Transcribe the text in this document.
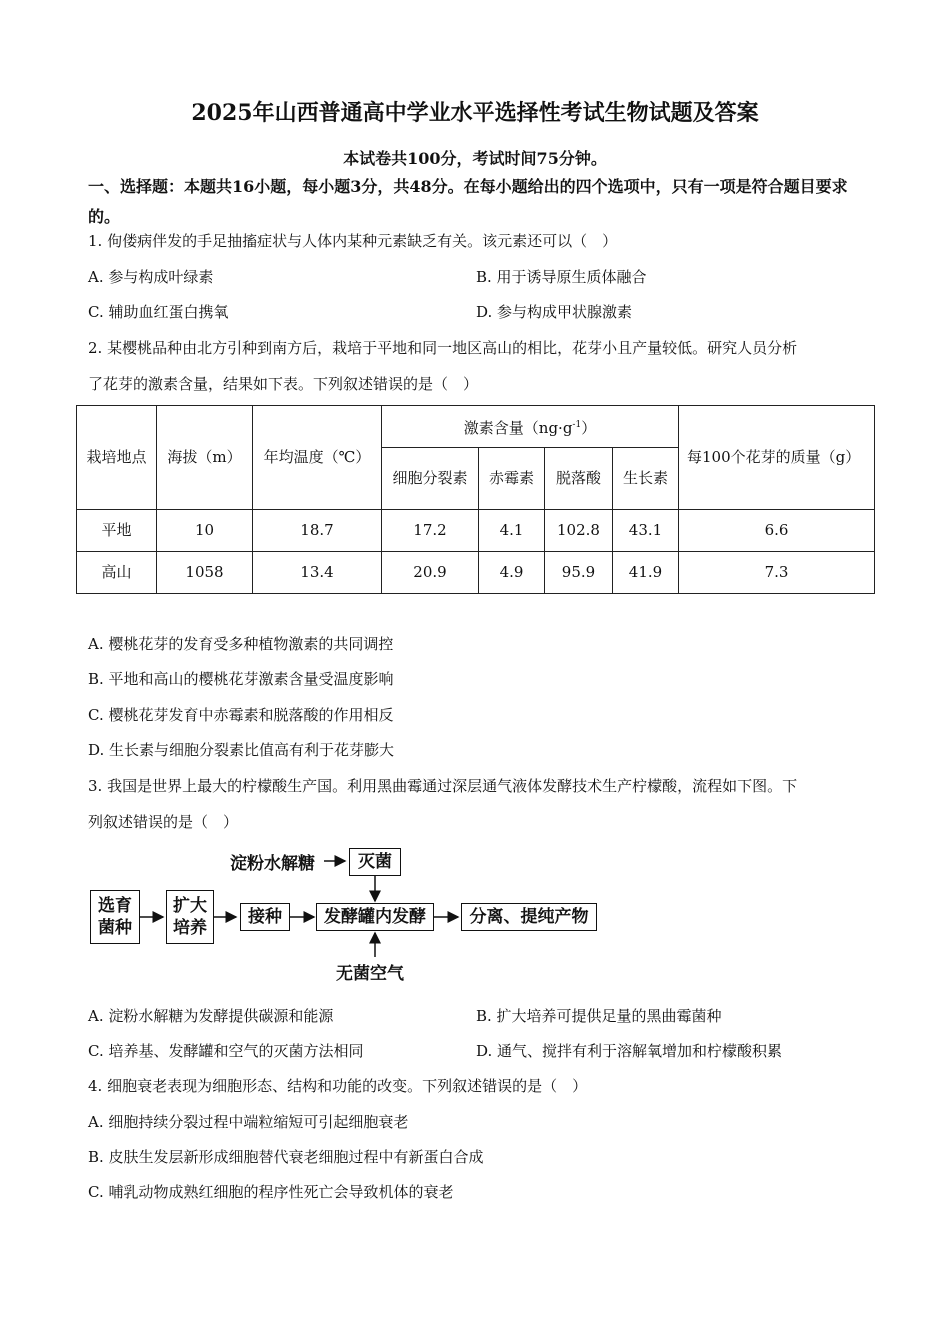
2025年山西普通高中学业水平选择性考试生物试题及答案
本试卷共100分，考试时间75分钟。
一、选择题：本题共16小题，每小题3分，共48分。在每小题给出的四个选项中，只有一项是符合题目要求的。
1. 佝偻病伴发的手足抽搐症状与人体内某种元素缺乏有关。该元素还可以（　）
A. 参与构成叶绿素	B. 用于诱导原生质体融合
C. 辅助血红蛋白携氧	D. 参与构成甲状腺激素
2. 某樱桃品种由北方引种到南方后，栽培于平地和同一地区高山的相比，花芽小且产量较低。研究人员分析
了花芽的激素含量，结果如下表。下列叙述错误的是（　）
栽培地点	海拔（m）	年均温度（℃）	激素含量$(ng\cdot g^{-1})$				每100个花芽的质量（g）
			细胞分裂素	赤霉素	脱落酸	生长素	
平地	10	18.7	17.2	4.1	102.8	43.1	6.6
高山	1058	13.4	20.9	4.9	95.9	41.9	7.3
A. 樱桃花芽的发育受多种植物激素的共同调控
B. 平地和高山的樱桃花芽激素含量受温度影响
C. 樱桃花芽发育中赤霉素和脱落酸的作用相反
D. 生长素与细胞分裂素比值高有利于花芽膨大
3. 我国是世界上最大的柠檬酸生产国。利用黑曲霉通过深层通气液体发酵技术生产柠檬酸，流程如下图。下
列叙述错误的是（　）
淀粉水解糖	灭菌
选育菌种
扩大培养
接种	发酵罐内发酵	分离、提纯产物
无菌空气
A. 淀粉水解糖为发酵提供碳源和能源	B. 扩大培养可提供足量的黑曲霉菌种
C. 培养基、发酵罐和空气的灭菌方法相同	D. 通气、搅拌有利于溶解氧增加和柠檬酸积累
4. 细胞衰老表现为细胞形态、结构和功能的改变。下列叙述错误的是（　）
A. 细胞持续分裂过程中端粒缩短可引起细胞衰老
B. 皮肤生发层新形成细胞替代衰老细胞过程中有新蛋白合成
C. 哺乳动物成熟红细胞的程序性死亡会导致机体的衰老
